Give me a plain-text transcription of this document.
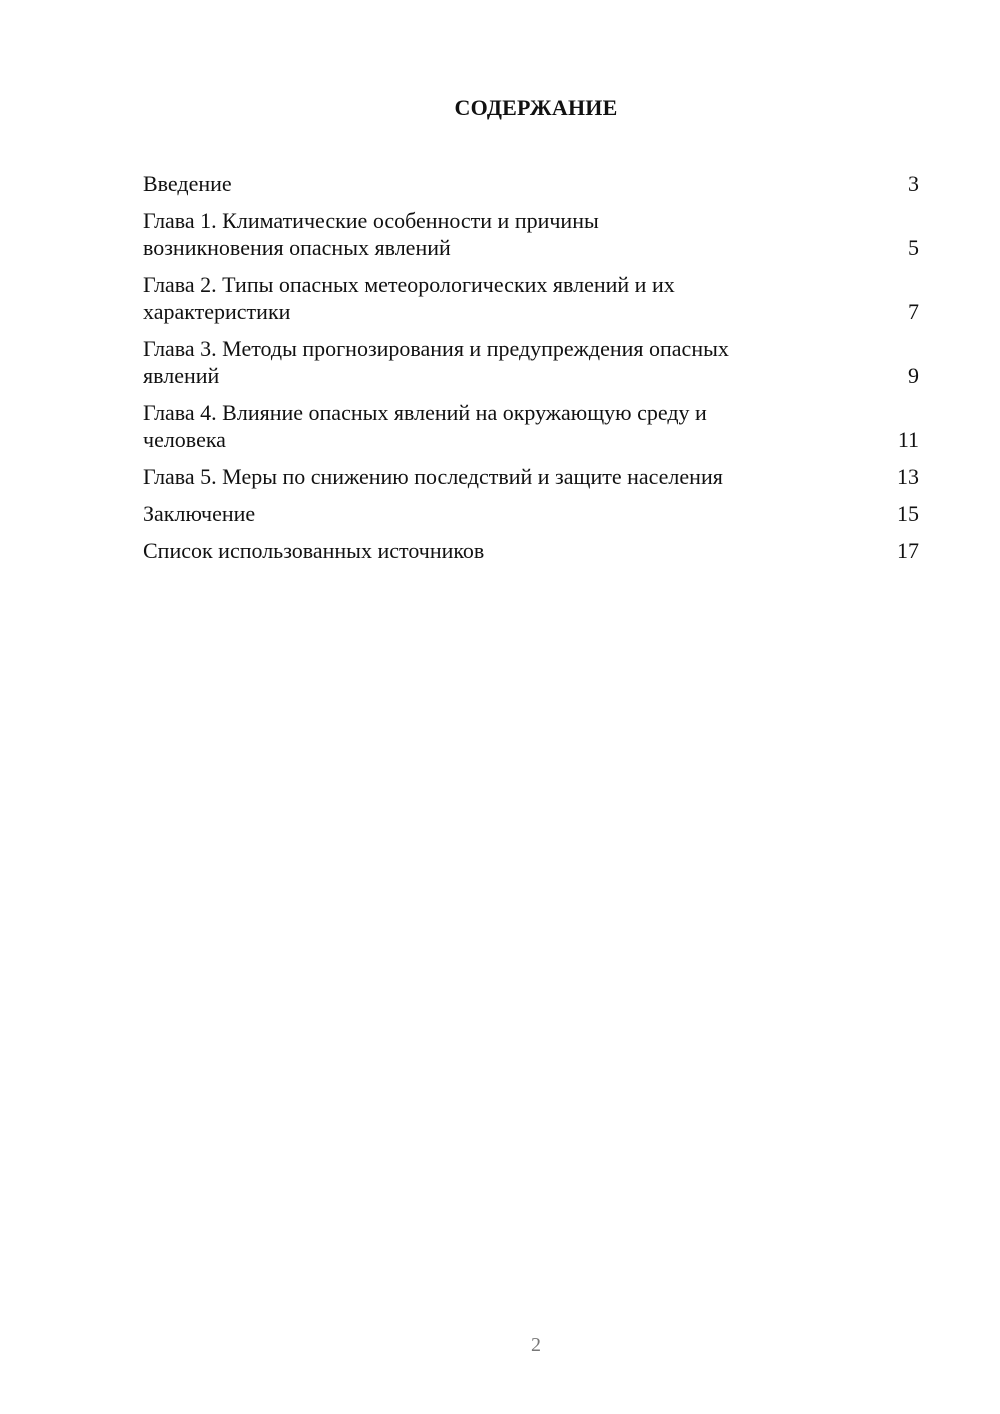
СОДЕРЖАНИЕ
Введение	3
Глава 1. Климатические особенности и причины
возникновения опасных явлений	5
Глава 2. Типы опасных метеорологических явлений и их
характеристики	7
Глава 3. Методы прогнозирования и предупреждения опасных
явлений	9
Глава 4. Влияние опасных явлений на окружающую среду и
человека	11
Глава 5. Меры по снижению последствий и защите населения	13
Заключение	15
Список использованных источников	17
2
